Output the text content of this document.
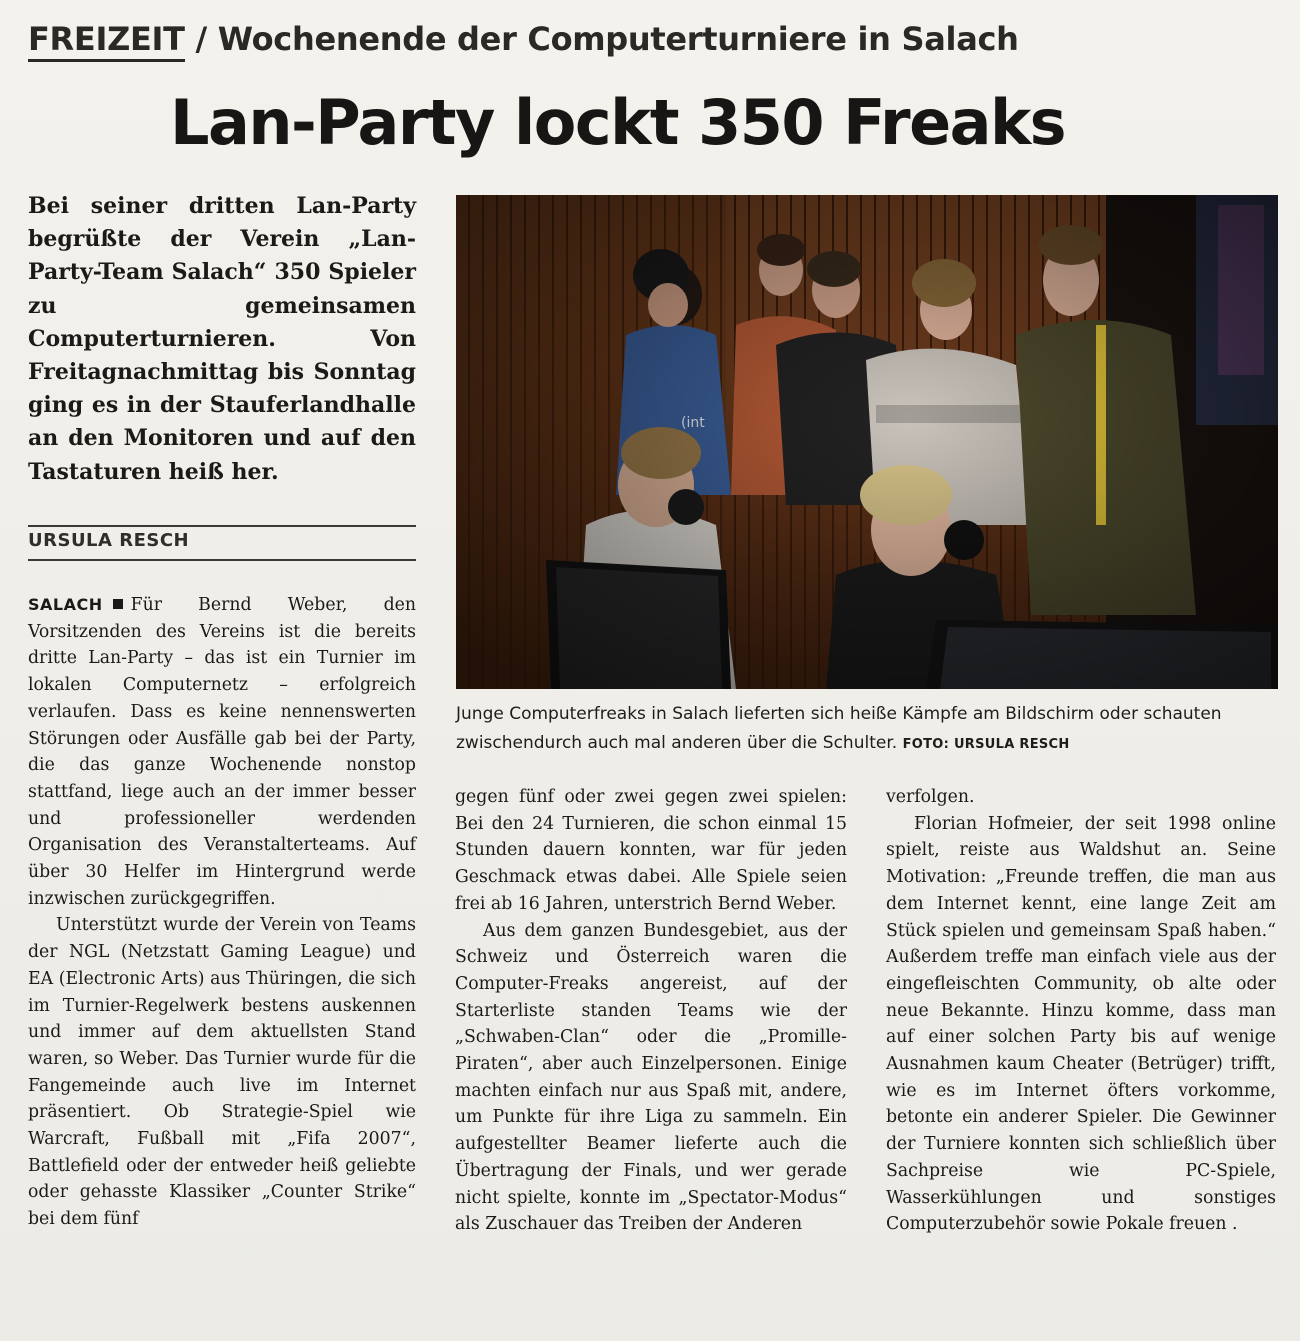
FREIZEIT / Wochenende der Computerturniere in Salach
Lan-Party lockt 350 Freaks
Bei seiner dritten Lan-Party begrüßte der Verein „Lan-Party-Team Salach“ 350 Spieler zu gemeinsamen Computerturnieren. Von Freitagnachmittag bis Sonntag ging es in der Stauferlandhalle an den Monitoren und auf den Tastaturen heiß her.
URSULA RESCH

SALACH Für Bernd Weber, den Vorsitzenden des Vereins ist die bereits dritte Lan-Party – das ist ein Turnier im lokalen Computernetz – erfolgreich verlaufen. Dass es keine nennenswerten Störungen oder Ausfälle gab bei der Party, die das ganze Wochenende nonstop stattfand, liege auch an der immer besser und professioneller werdenden Organisation des Veranstalterteams. Auf über 30 Helfer im Hintergrund werde inzwischen zurückgegriffen.

Unterstützt wurde der Verein von Teams der NGL (Netzstatt Gaming League) und EA (Electronic Arts) aus Thüringen, die sich im Turnier-Regelwerk bestens auskennen und immer auf dem aktuellsten Stand waren, so Weber. Das Turnier wurde für die Fangemeinde auch live im Internet präsentiert. Ob Strategie-Spiel wie Warcraft, Fußball mit „Fifa 2007“, Battlefield oder der entweder heiß geliebte oder gehasste Klassiker „Counter Strike“ bei dem fünf

gegen fünf oder zwei gegen zwei spielen: Bei den 24 Turnieren, die schon einmal 15 Stunden dauern konnten, war für jeden Geschmack etwas dabei. Alle Spiele seien frei ab 16 Jahren, unterstrich Bernd Weber.

Aus dem ganzen Bundesgebiet, aus der Schweiz und Österreich waren die Computer-Freaks angereist, auf der Starterliste standen Teams wie der „Schwaben-Clan“ oder die „Promille-Piraten“, aber auch Einzelpersonen. Einige machten einfach nur aus Spaß mit, andere, um Punkte für ihre Liga zu sammeln. Ein aufgestellter Beamer lieferte auch die Übertragung der Finals, und wer gerade nicht spielte, konnte im „Spectator-Modus“ als Zuschauer das Treiben der Anderen

verfolgen.

Florian Hofmeier, der seit 1998 online spielt, reiste aus Waldshut an. Seine Motivation: „Freunde treffen, die man aus dem Internet kennt, eine lange Zeit am Stück spielen und gemeinsam Spaß haben.“ Außerdem treffe man einfach viele aus der eingefleischten Community, ob alte oder neue Bekannte. Hinzu komme, dass man auf einer solchen Party bis auf wenige Ausnahmen kaum Cheater (Betrüger) trifft, wie es im Internet öfters vorkomme, betonte ein anderer Spieler. Die Gewinner der Turniere konnten sich schließlich über Sachpreise wie PC-Spiele, Wasserkühlungen und sonstiges Computerzubehör sowie Pokale freuen .

Junge Computerfreaks in Salach lieferten sich heiße Kämpfe am Bildschirm oder schauten zwischendurch auch mal anderen über die Schulter. FOTO: URSULA RESCH
